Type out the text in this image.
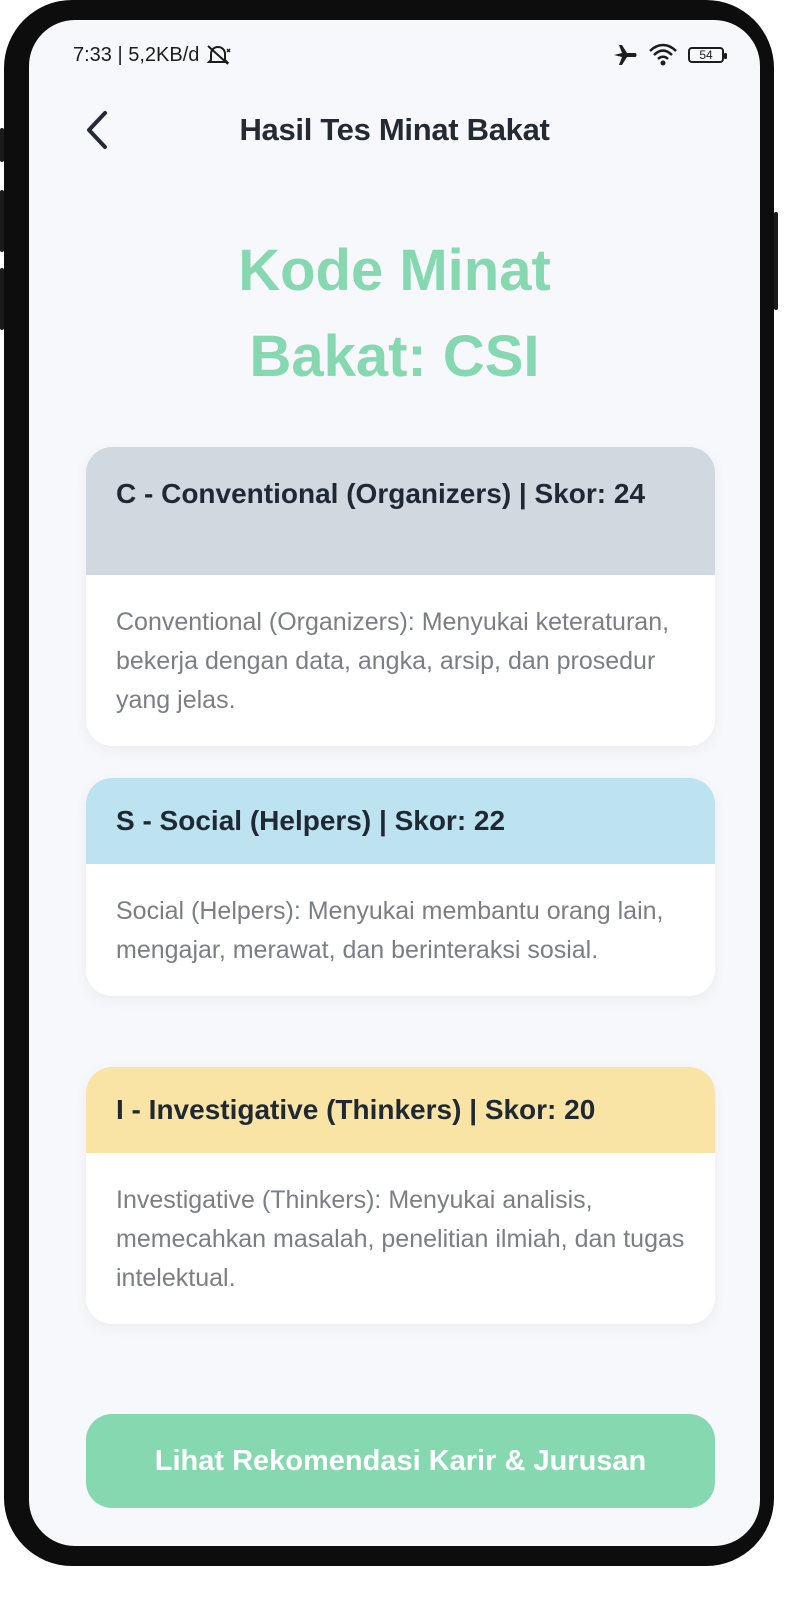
7:33 | 5,2KB/d	54
Hasil Tes Minat Bakat
Kode Minat
Bakat: CSI
C - Conventional (Organizers) | Skor: 24
Conventional (Organizers): Menyukai keteraturan, bekerja dengan data, angka, arsip, dan prosedur yang jelas.
S - Social (Helpers) | Skor: 22
Social (Helpers): Menyukai membantu orang lain, mengajar, merawat, dan berinteraksi sosial.
I - Investigative (Thinkers) | Skor: 20
Investigative (Thinkers): Menyukai analisis, memecahkan masalah, penelitian ilmiah, dan tugas intelektual.
Lihat Rekomendasi Karir & Jurusan
